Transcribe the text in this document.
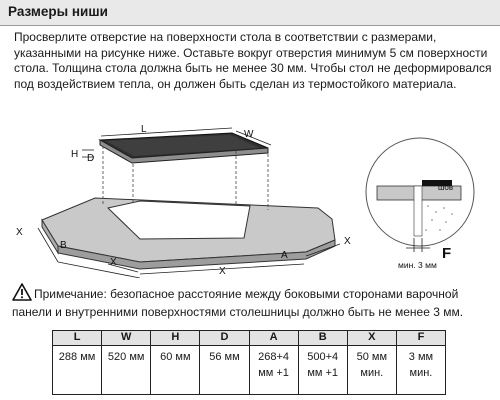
Размеры ниши

Просверлите отверстие на поверхности стола в соответствии с размерами, указанными на рисунке ниже. Оставьте вокруг отверстия минимум 5 см поверхности стола. Толщина стола должна быть не менее 30 мм. Чтобы стол не деформировался под воздействием тепла, он должен быть сделан из термостойкого материала.

L	W
H D
X
B
X
X
A
X
шов
F
мин. 3 мм

Примечание: безопасное расстояние между боковыми сторонами варочной панели и внутренними поверхностями столешницы должно быть не менее 3 мм.

L	W	H	D	A	B	X	F
288 мм	520 мм	60 мм	56 мм	268+4 мм +1	500+4 мм +1	50 мм мин.	3 мм мин.
